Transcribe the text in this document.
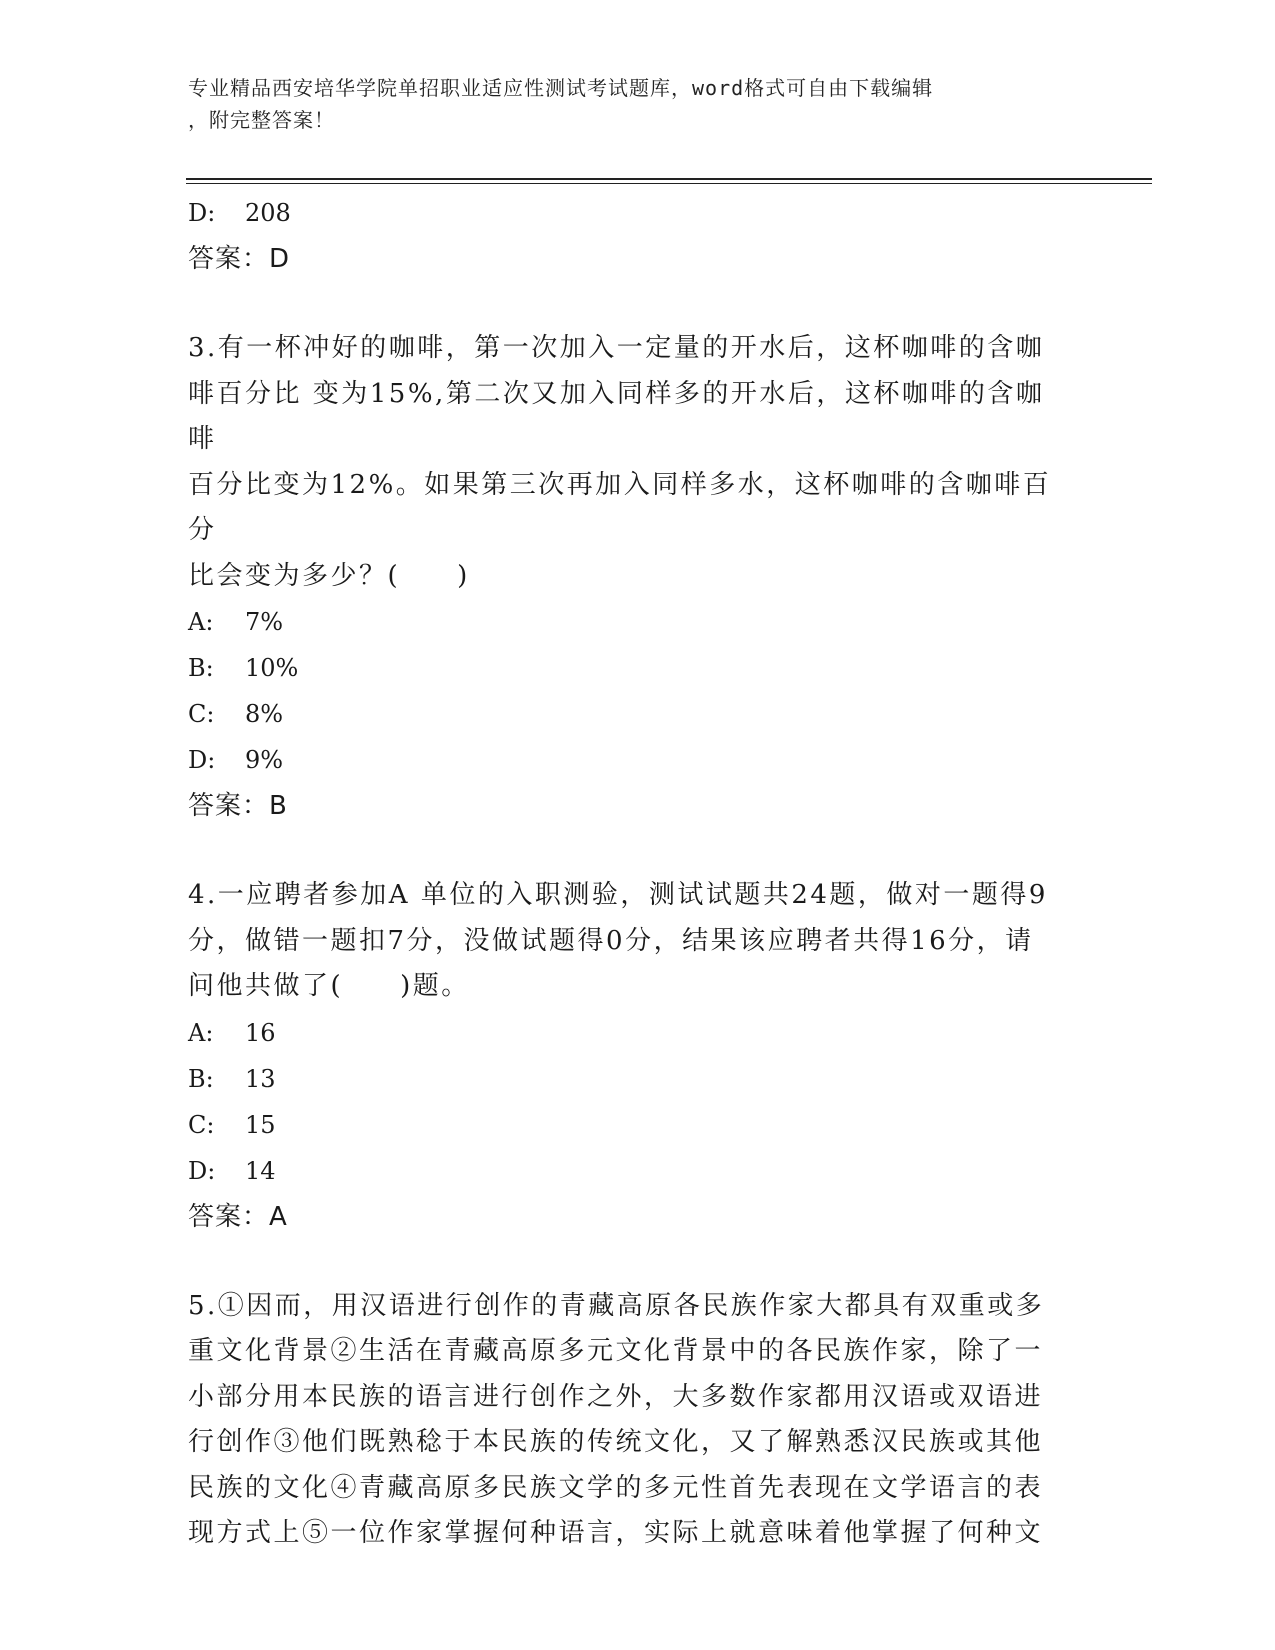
专业精品西安培华学院单招职业适应性测试考试题库，word格式可自由下载编辑
，附完整答案！
D: 208
答案：D
3.有一杯冲好的咖啡，第一次加入一定量的开水后，这杯咖啡的含咖
啡百分比 变为15%,第二次又加入同样多的开水后，这杯咖啡的含咖啡
百分比变为12%。如果第三次再加入同样多水，这杯咖啡的含咖啡百分
比会变为多少？(　　)
A: 7%
B: 10%
C: 8%
D: 9%
答案：B
4.一应聘者参加A 单位的入职测验，测试试题共24题，做对一题得9
分，做错一题扣7分，没做试题得0分，结果该应聘者共得16分，请
问他共做了(　　)题。
A: 16
B: 13
C: 15
D: 14
答案：A
5.①因而，用汉语进行创作的青藏高原各民族作家大都具有双重或多
重文化背景②生活在青藏高原多元文化背景中的各民族作家，除了一
小部分用本民族的语言进行创作之外，大多数作家都用汉语或双语进
行创作③他们既熟稔于本民族的传统文化，又了解熟悉汉民族或其他
民族的文化④青藏高原多民族文学的多元性首先表现在文学语言的表
现方式上⑤一位作家掌握何种语言，实际上就意味着他掌握了何种文
